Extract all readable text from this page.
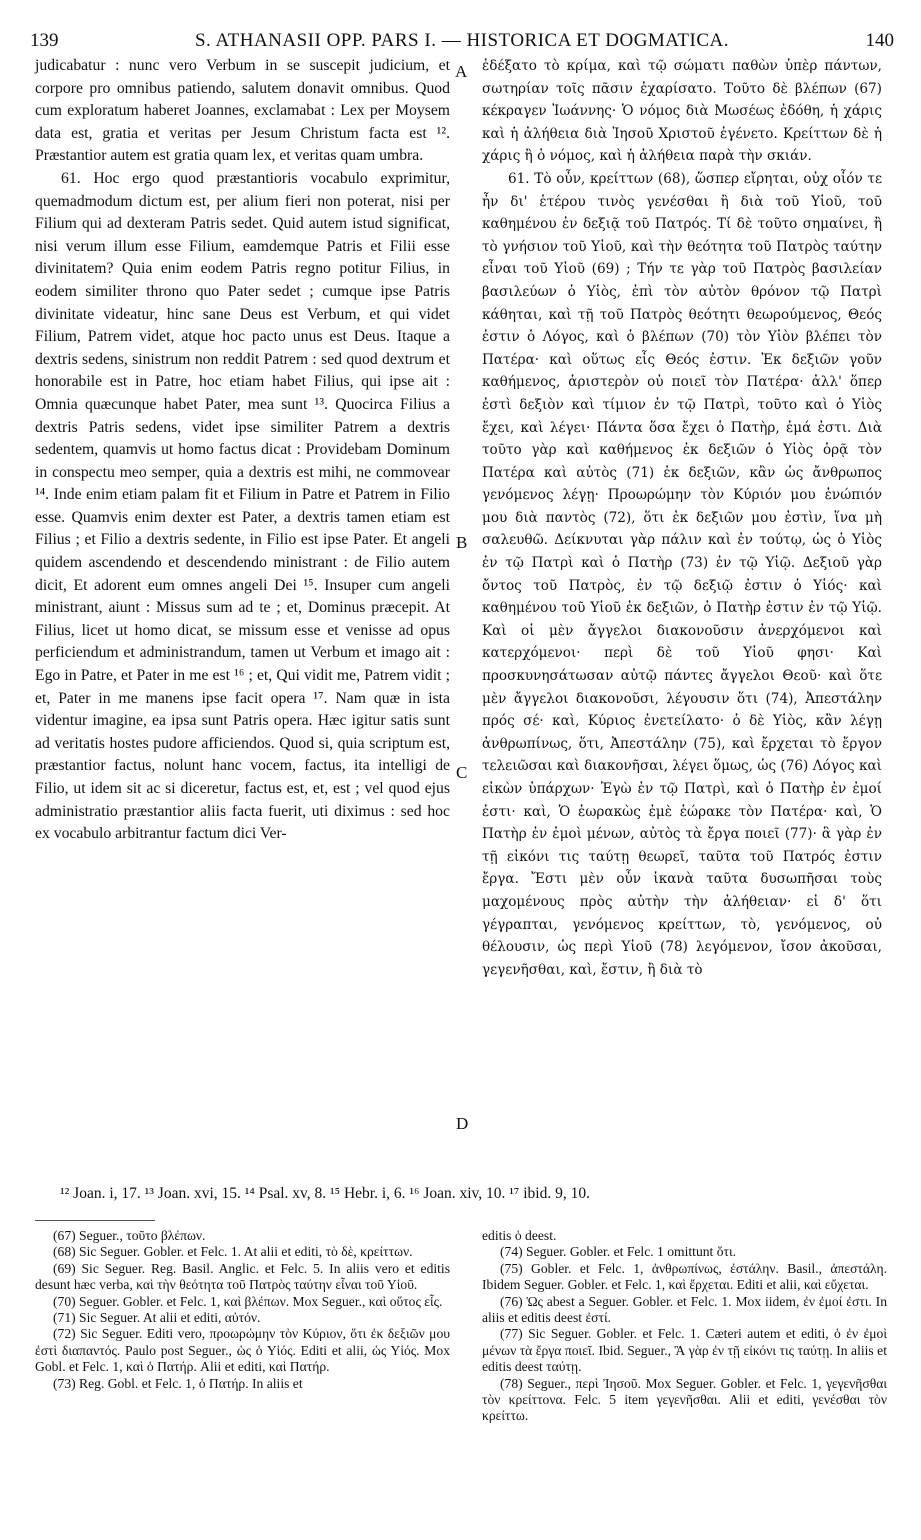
139	S. ATHANASII OPP. PARS I. — HISTORICA ET DOGMATICA.	140

judicabatur : nunc vero Verbum in se suscepit judicium, et corpore pro omnibus patiendo, salutem donavit omnibus. Quod cum exploratum haberet Joannes, exclamabat : Lex per Moysem data est, gratia et veritas per Jesum Christum facta est ¹². Præstantior autem est gratia quam lex, et veritas quam umbra.

61. Hoc ergo quod præstantioris vocabulo exprimitur, quemadmodum dictum est, per alium fieri non poterat, nisi per Filium qui ad dexteram Patris sedet. Quid autem istud significat, nisi verum illum esse Filium, eamdemque Patris et Filii esse divinitatem? Quia enim eodem Patris regno potitur Filius, in eodem similiter throno quo Pater sedet ; cumque ipse Patris divinitate videatur, hinc sane Deus est Verbum, et qui videt Filium, Patrem videt, atque hoc pacto unus est Deus. Itaque a dextris sedens, sinistrum non reddit Patrem : sed quod dextrum et honorabile est in Patre, hoc etiam habet Filius, qui ipse ait : Omnia quæcunque habet Pater, mea sunt ¹³. Quocirca Filius a dextris Patris sedens, videt ipse similiter Patrem a dextris sedentem, quamvis ut homo factus dicat : Providebam Dominum in conspectu meo semper, quia a dextris est mihi, ne commovear ¹⁴. Inde enim etiam palam fit et Filium in Patre et Patrem in Filio esse. Quamvis enim dexter est Pater, a dextris tamen etiam est Filius ; et Filio a dextris sedente, in Filio est ipse Pater. Et angeli quidem ascendendo et descendendo ministrant : de Filio autem dicit, Et adorent eum omnes angeli Dei ¹⁵. Insuper cum angeli ministrant, aiunt : Missus sum ad te ; et, Dominus præcepit. At Filius, licet ut homo dicat, se missum esse et venisse ad opus perficiendum et administrandum, tamen ut Verbum et imago ait : Ego in Patre, et Pater in me est ¹⁶ ; et, Qui vidit me, Patrem vidit ; et, Pater in me manens ipse facit opera ¹⁷. Nam quæ in ista videntur imagine, ea ipsa sunt Patris opera. Hæc igitur satis sunt ad veritatis hostes pudore afficiendos. Quod si, quia scriptum est, præstantior factus, nolunt hanc vocem, factus, ita intelligi de Filio, ut idem sit ac si diceretur, factus est, et, est ; vel quod ejus administratio præstantior aliis facta fuerit, uti diximus : sed hoc ex vocabulo arbitrantur factum dici Ver-

ἐδέξατο τὸ κρίμα, καὶ τῷ σώματι παθὼν ὑπὲρ πάντων, σωτηρίαν τοῖς πᾶσιν ἐχαρίσατο. Τοῦτο δὲ βλέπων (67) κέκραγεν Ἰωάννης· Ὁ νόμος διὰ Μωσέως ἐδόθη, ἡ χάρις καὶ ἡ ἀλήθεια διὰ Ἰησοῦ Χριστοῦ ἐγένετο. Κρείττων δὲ ἡ χάρις ἢ ὁ νόμος, καὶ ἡ ἀλήθεια παρὰ τὴν σκιάν.

61. Τὸ οὖν, κρείττων (68), ὥσπερ εἴρηται, οὐχ οἷόν τε ἦν δι' ἑτέρου τινὸς γενέσθαι ἢ διὰ τοῦ Υἱοῦ, τοῦ καθημένου ἐν δεξιᾷ τοῦ Πατρός. Τί δὲ τοῦτο σημαίνει, ἢ τὸ γνήσιον τοῦ Υἱοῦ, καὶ τὴν θεότητα τοῦ Πατρὸς ταύτην εἶναι τοῦ Υἱοῦ (69) ; Τήν τε γὰρ τοῦ Πατρὸς βασιλείαν βασιλεύων ὁ Υἱὸς, ἐπὶ τὸν αὐτὸν θρόνον τῷ Πατρὶ κάθηται, καὶ τῇ τοῦ Πατρὸς θεότητι θεωρούμενος, Θεός ἐστιν ὁ Λόγος, καὶ ὁ βλέπων (70) τὸν Υἱὸν βλέπει τὸν Πατέρα· καὶ οὕτως εἷς Θεός ἐστιν. Ἐκ δεξιῶν γοῦν καθήμενος, ἀριστερὸν οὐ ποιεῖ τὸν Πατέρα· ἀλλ' ὅπερ ἐστὶ δεξιὸν καὶ τίμιον ἐν τῷ Πατρὶ, τοῦτο καὶ ὁ Υἱὸς ἔχει, καὶ λέγει· Πάντα ὅσα ἔχει ὁ Πατὴρ, ἐμά ἐστι. Διὰ τοῦτο γὰρ καὶ καθήμενος ἐκ δεξιῶν ὁ Υἱὸς ὁρᾷ τὸν Πατέρα καὶ αὐτὸς (71) ἐκ δεξιῶν, κἂν ὡς ἄνθρωπος γενόμενος λέγῃ· Προωρώμην τὸν Κύριόν μου ἐνώπιόν μου διὰ παντὸς (72), ὅτι ἐκ δεξιῶν μου ἐστὶν, ἵνα μὴ σαλευθῶ. Δείκνυται γὰρ πάλιν καὶ ἐν τούτῳ, ὡς ὁ Υἱὸς ἐν τῷ Πατρὶ καὶ ὁ Πατὴρ (73) ἐν τῷ Υἱῷ. Δεξιοῦ γὰρ ὄντος τοῦ Πατρὸς, ἐν τῷ δεξιῷ ἐστιν ὁ Υἱός· καὶ καθημένου τοῦ Υἱοῦ ἐκ δεξιῶν, ὁ Πατὴρ ἐστιν ἐν τῷ Υἱῷ. Καὶ οἱ μὲν ἄγγελοι διακονοῦσιν ἀνερχόμενοι καὶ κατερχόμενοι· περὶ δὲ τοῦ Υἱοῦ φησι· Καὶ προσκυνησάτωσαν αὐτῷ πάντες ἄγγελοι Θεοῦ· καὶ ὅτε μὲν ἄγγελοι διακονοῦσι, λέγουσιν ὅτι (74), Ἀπεστάλην πρός σέ· καὶ, Κύριος ἐνετείλατο· ὁ δὲ Υἱὸς, κἂν λέγῃ ἀνθρωπίνως, ὅτι, Ἀπεστάλην (75), καὶ ἔρχεται τὸ ἔργον τελειῶσαι καὶ διακονῆσαι, λέγει ὅμως, ὡς (76) Λόγος καὶ εἰκὼν ὑπάρχων· Ἐγὼ ἐν τῷ Πατρὶ, καὶ ὁ Πατὴρ ἐν ἐμοί ἐστι· καὶ, Ὁ ἑωρακὼς ἐμὲ ἑώρακε τὸν Πατέρα· καὶ, Ὁ Πατὴρ ἐν ἐμοὶ μένων, αὐτὸς τὰ ἔργα ποιεῖ (77)· ἃ γὰρ ἐν τῇ εἰκόνι τις ταύτῃ θεωρεῖ, ταῦτα τοῦ Πατρός ἐστιν ἔργα. Ἔστι μὲν οὖν ἱκανὰ ταῦτα δυσωπῆσαι τοὺς μαχομένους πρὸς αὐτὴν τὴν ἀλήθειαν· εἰ δ' ὅτι γέγραπται, γενόμενος κρείττων, τὸ, γενόμενος, οὐ θέλουσιν, ὡς περὶ Υἱοῦ (78) λεγόμενον, ἴσον ἀκοῦσαι, γεγενῆσθαι, καὶ, ἔστιν, ἢ διὰ τὸ

A
B
C
D
¹² Joan. i, 17. ¹³ Joan. xvi, 15. ¹⁴ Psal. xv, 8. ¹⁵ Hebr. i, 6. ¹⁶ Joan. xiv, 10. ¹⁷ ibid. 9, 10.

(67) Seguer., τοῦτο βλέπων.

(68) Sic Seguer. Gobler. et Felc. 1. At alii et editi, τὸ δὲ, κρείττων.

(69) Sic Seguer. Reg. Basil. Anglic. et Felc. 5. In aliis vero et editis desunt hæc verba, καὶ τὴν θεότητα τοῦ Πατρὸς ταύτην εἶναι τοῦ Υἱοῦ.

(70) Seguer. Gobler. et Felc. 1, καὶ βλέπων. Mox Seguer., καὶ οὕτος εἷς.

(71) Sic Seguer. At alii et editi, αὐτόν.

(72) Sic Seguer. Editi vero, προωρώμην τὸν Κύριον, ὅτι ἐκ δεξιῶν μου ἐστὶ διαπαντός. Paulo post Seguer., ὡς ὁ Υἱός. Editi et alii, ὡς Υἱός. Mox Gobl. et Felc. 1, καὶ ὁ Πατήρ. Alii et editi, καὶ Πατήρ.

(73) Reg. Gobl. et Felc. 1, ὁ Πατήρ. In aliis et

editis ὁ deest.

(74) Seguer. Gobler. et Felc. 1 omittunt ὅτι.

(75) Gobler. et Felc. 1, ἀνθρωπίνως, ἐστάλην. Basil., ἀπεστάλη. Ibidem Seguer. Gobler. et Felc. 1, καὶ ἔρχεται. Editi et alii, καὶ εὔχεται.

(76) Ὡς abest a Seguer. Gobler. et Felc. 1. Mox iidem, ἐν ἐμοί ἐστι. In aliis et editis deest ἐστί.

(77) Sic Seguer. Gobler. et Felc. 1. Cæteri autem et editi, ὁ ἐν ἐμοὶ μένων τὰ ἔργα ποιεῖ. Ibid. Seguer., Ἃ γὰρ ἐν τῇ εἰκόνι τις ταύτῃ. In aliis et editis deest ταύτῃ.

(78) Seguer., περὶ Ἰησοῦ. Mox Seguer. Gobler. et Felc. 1, γεγενῆσθαι τὸν κρείττονα. Felc. 5 item γεγενῆσθαι. Alii et editi, γενέσθαι τὸν κρείττω.
